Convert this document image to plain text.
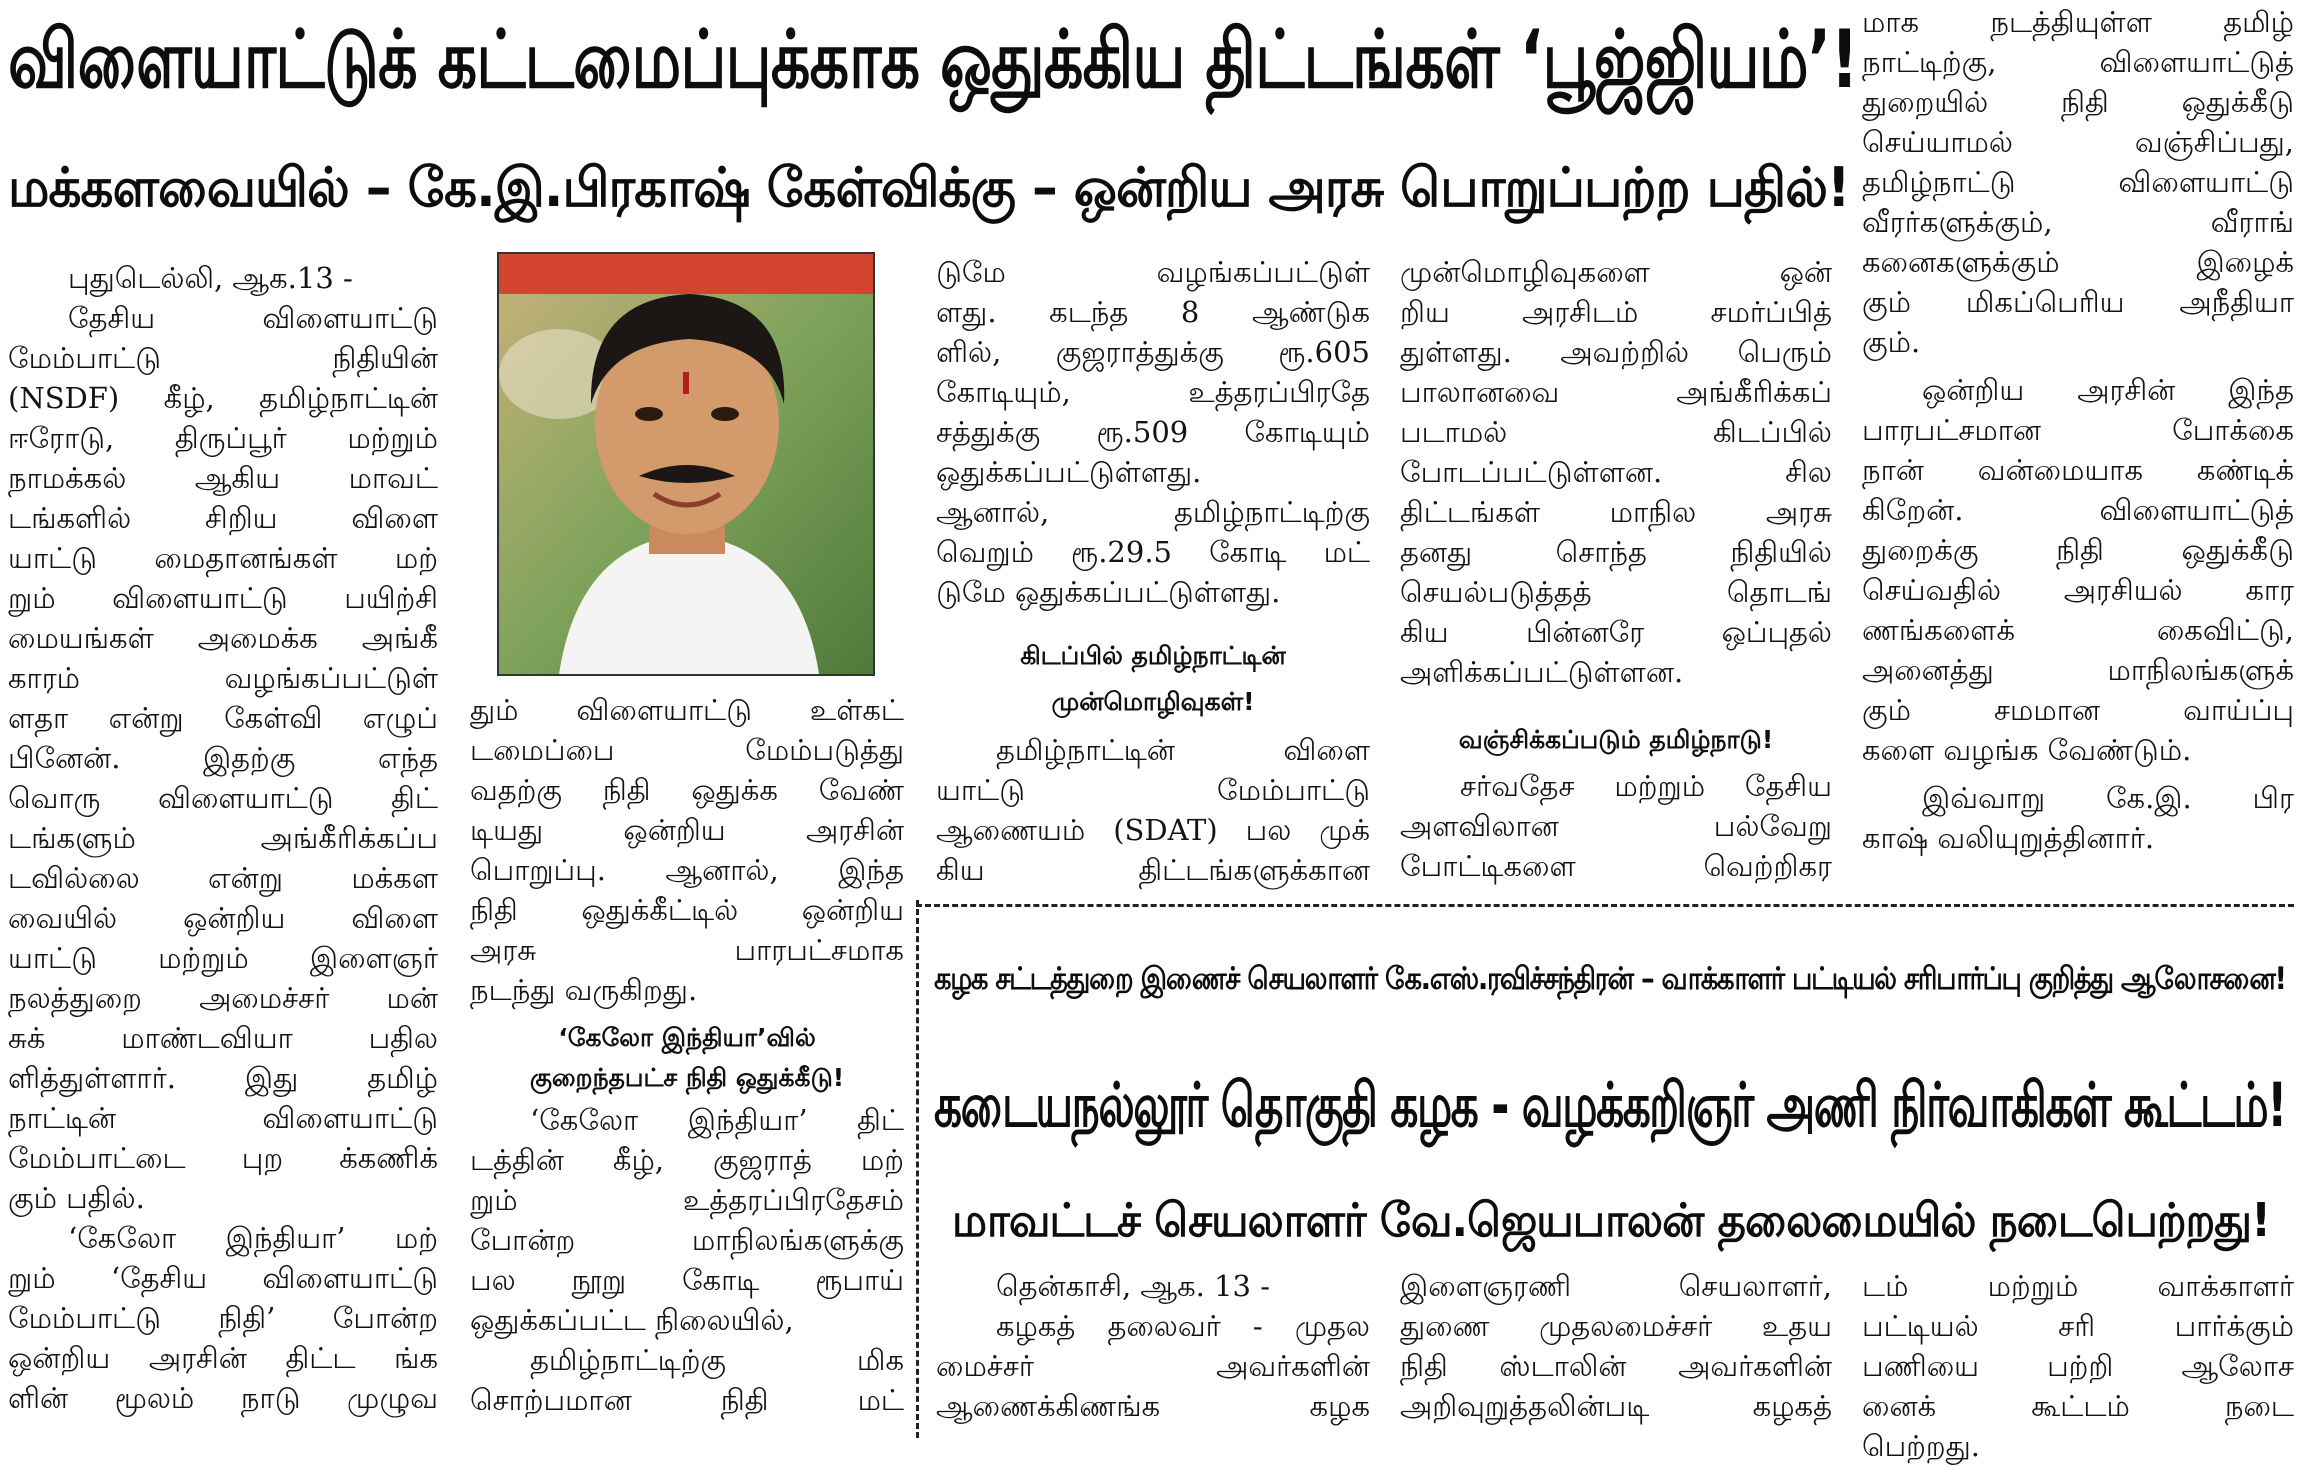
விளையாட்டுக் கட்டமைப்புக்காக ஒதுக்கிய திட்டங்கள் ‘பூஜ்ஜியம்’!
மக்களவையில் – கே.இ.பிரகாஷ் கேள்விக்கு – ஒன்றிய அரசு பொறுப்பற்ற பதில்!
புதுடெல்லி, ஆக.13 -
தேசிய விளையாட்டு
மேம்பாட்டு நிதியின்
(NSDF) கீழ், தமிழ்நாட்டின்
ஈரோடு, திருப்பூர் மற்றும்
நாமக்கல் ஆகிய மாவட்
டங்களில் சிறிய விளை
யாட்டு மைதானங்கள் மற்
றும் விளையாட்டு பயிற்சி
மையங்கள் அமைக்க அங்கீ
காரம் வழங்கப்பட்டுள்
ளதா என்று கேள்வி எழுப்
பினேன். இதற்கு எந்த
வொரு விளையாட்டு திட்
டங்களும் அங்கீரிக்கப்ப
டவில்லை என்று மக்கள
வையில் ஒன்றிய விளை
யாட்டு மற்றும் இளைஞர்
நலத்துறை அமைச்சர் மன்
சுக் மாண்டவியா பதில
ளித்துள்ளார். இது தமிழ்
நாட்டின் விளையாட்டு
மேம்பாட்டை புற க்கணிக்
கும் பதில்.
‘கேலோ இந்தியா’ மற்
றும் ‘தேசிய விளையாட்டு
மேம்பாட்டு நிதி’ போன்ற
ஒன்றிய அரசின் திட்ட ங்க
ளின் மூலம் நாடு முழுவ
தும் விளையாட்டு உள்கட்
டமைப்பை மேம்படுத்து
வதற்கு நிதி ஒதுக்க வேண்
டியது ஒன்றிய அரசின்
பொறுப்பு. ஆனால், இந்த
நிதி ஒதுக்கீட்டில் ஒன்றிய
அரசு பாரபட்சமாக
நடந்து வருகிறது.
‘கேலோ இந்தியா’வில்
குறைந்தபட்ச நிதி ஒதுக்கீடு!
‘கேலோ இந்தியா’ திட்
டத்தின் கீழ், குஜராத் மற்
றும் உத்தரப்பிரதேசம்
போன்ற மாநிலங்களுக்கு
பல நூறு கோடி ரூபாய்
ஒதுக்கப்பட்ட நிலையில்,
தமிழ்நாட்டிற்கு மிக
சொற்பமான நிதி மட்
டுமே வழங்கப்பட்டுள்
ளது. கடந்த 8 ஆண்டுக
ளில், குஜராத்துக்கு ரூ.605
கோடியும், உத்தரப்பிரதே
சத்துக்கு ரூ.509 கோடியும்
ஒதுக்கப்பட்டுள்ளது.
ஆனால், தமிழ்நாட்டிற்கு
வெறும் ரூ.29.5 கோடி மட்
டுமே ஒதுக்கப்பட்டுள்ளது.
கிடப்பில் தமிழ்நாட்டின்
முன்மொழிவுகள்!
தமிழ்நாட்டின் விளை
யாட்டு மேம்பாட்டு
ஆணையம் (SDAT) பல முக்
கிய திட்டங்களுக்கான
முன்மொழிவுகளை ஒன்
றிய அரசிடம் சமர்ப்பித்
துள்ளது. அவற்றில் பெரும்
பாலானவை அங்கீரிக்கப்
படாமல் கிடப்பில்
போடப்பட்டுள்ளன. சில
திட்டங்கள் மாநில அரசு
தனது சொந்த நிதியில்
செயல்படுத்தத் தொடங்
கிய பின்னரே ஒப்புதல்
அளிக்கப்பட்டுள்ளன.
வஞ்சிக்கப்படும் தமிழ்நாடு!
சர்வதேச மற்றும் தேசிய
அளவிலான பல்வேறு
போட்டிகளை வெற்றிகர
மாக நடத்தியுள்ள தமிழ்
நாட்டிற்கு, விளையாட்டுத்
துறையில் நிதி ஒதுக்கீடு
செய்யாமல் வஞ்சிப்பது,
தமிழ்நாட்டு விளையாட்டு
வீரர்களுக்கும், வீராங்
கனைகளுக்கும் இழைக்
கும் மிகப்பெரிய அநீதியா
கும்.
ஒன்றிய அரசின் இந்த
பாரபட்சமான போக்கை
நான் வன்மையாக கண்டிக்
கிறேன். விளையாட்டுத்
துறைக்கு நிதி ஒதுக்கீடு
செய்வதில் அரசியல் கார
ணங்களைக் கைவிட்டு,
அனைத்து மாநிலங்களுக்
கும் சமமான வாய்ப்பு
களை வழங்க வேண்டும்.
இவ்வாறு கே.இ. பிர
காஷ் வலியுறுத்தினார்.
கழக சட்டத்துறை இணைச் செயலாளர் கே.எஸ்.ரவிச்சந்திரன் – வாக்காளர் பட்டியல் சரிபார்ப்பு குறித்து ஆலோசனை!
கடையநல்லூர் தொகுதி கழக - வழக்கறிஞர் அணி நிர்வாகிகள் கூட்டம்!
மாவட்டச் செயலாளர் வே.ஜெயபாலன் தலைமையில் நடைபெற்றது!
தென்காசி, ஆக. 13 -
கழகத் தலைவர் - முதல
மைச்சர் அவர்களின்
ஆணைக்கிணங்க கழக
இளைஞரணி செயலாளர்,
துணை முதலமைச்சர் உதய
நிதி ஸ்டாலின் அவர்களின்
அறிவுறுத்தலின்படி கழகத்
டம் மற்றும் வாக்காளர்
பட்டியல் சரி பார்க்கும்
பணியை பற்றி ஆலோச
னைக் கூட்டம் நடை
பெற்றது.
